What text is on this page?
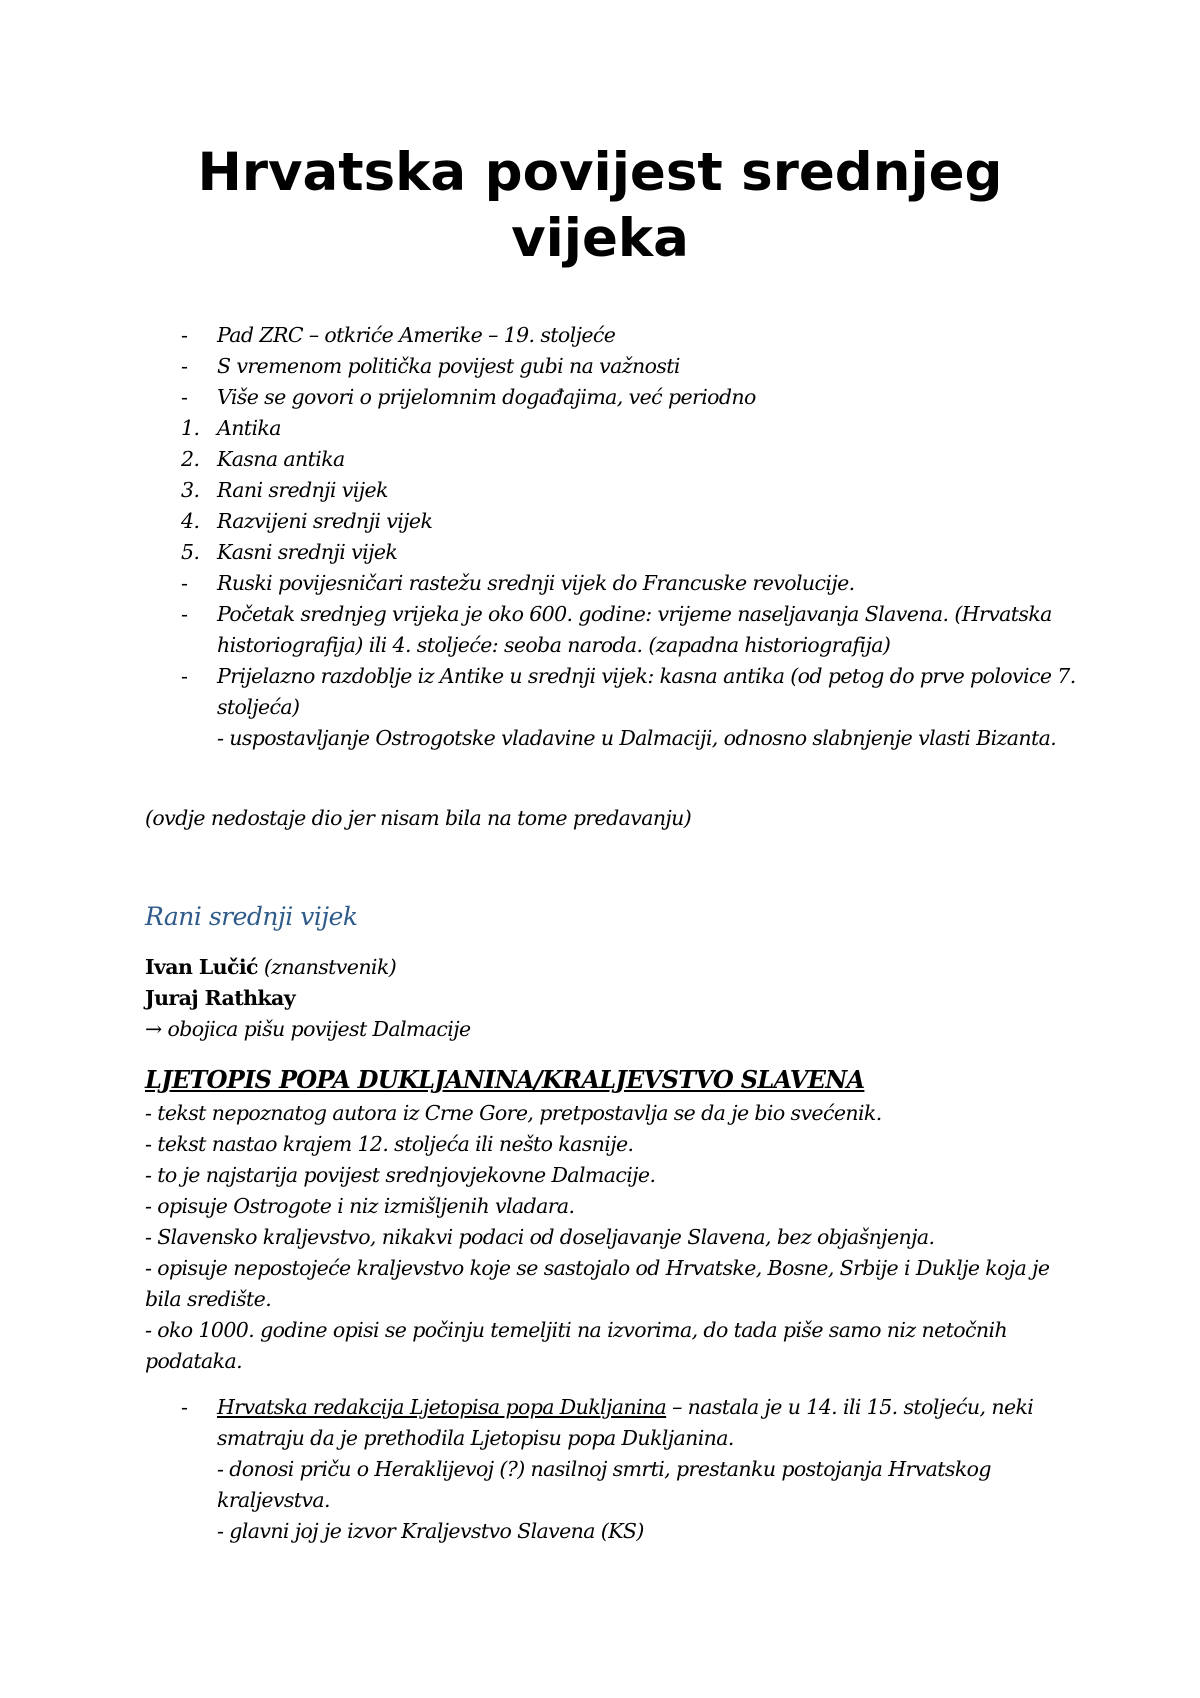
Hrvatska povijest srednjeg vijeka
- Pad ZRC – otkriće Amerike – 19. stoljeće
- S vremenom politička povijest gubi na važnosti
- Više se govori o prijelomnim događajima, već periodno
1. Antika
2. Kasna antika
3. Rani srednji vijek
4. Razvijeni srednji vijek
5. Kasni srednji vijek
- Ruski povijesničari rastežu srednji vijek do Francuske revolucije.
- Početak srednjeg vrijeka je oko 600. godine: vrijeme naseljavanja Slavena. (Hrvatska historiografija) ili 4. stoljeće: seoba naroda. (zapadna historiografija)
- Prijelazno razdoblje iz Antike u srednji vijek: kasna antika (od petog do prve polovice 7. stoljeća)
- uspostavljanje Ostrogotske vladavine u Dalmaciji, odnosno slabnjenje vlasti Bizanta.

(ovdje nedostaje dio jer nisam bila na tome predavanju)

Rani srednji vijek

Ivan Lučić (znanstvenik)

Juraj Rathkay

→ obojica pišu povijest Dalmacije

LJETOPIS POPA DUKLJANINA/KRALJEVSTVO SLAVENA
- tekst nepoznatog autora iz Crne Gore, pretpostavlja se da je bio svećenik.
- tekst nastao krajem 12. stoljeća ili nešto kasnije.
- to je najstarija povijest srednjovjekovne Dalmacije.
- opisuje Ostrogote i niz izmišljenih vladara.
- Slavensko kraljevstvo, nikakvi podaci od doseljavanje Slavena, bez objašnjenja.
- opisuje nepostojeće kraljevstvo koje se sastojalo od Hrvatske, Bosne, Srbije i Duklje koja je bila središte.
- oko 1000. godine opisi se počinju temeljiti na izvorima, do tada piše samo niz netočnih podataka.
- Hrvatska redakcija Ljetopisa popa Dukljanina – nastala je u 14. ili 15. stoljeću, neki smatraju da je prethodila Ljetopisu popa Dukljanina.
- donosi priču o Heraklijevoj (?) nasilnoj smrti, prestanku postojanja Hrvatskog kraljevstva.
- glavni joj je izvor Kraljevstvo Slavena (KS)
